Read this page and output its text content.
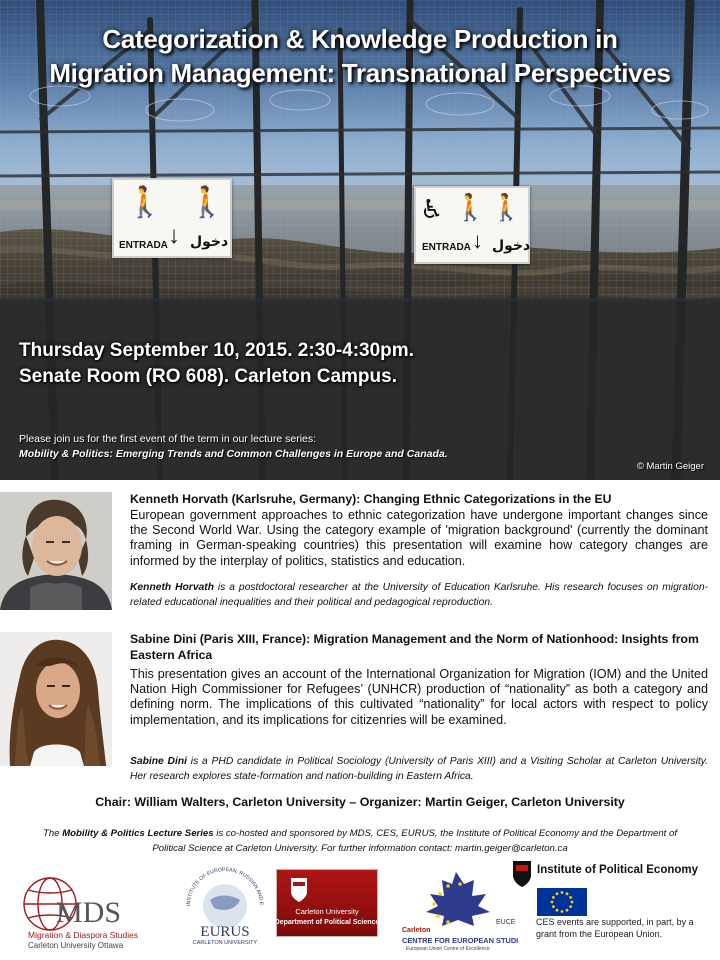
Categorization & Knowledge Production in
Migration Management: Transnational Perspectives
🚶 🚶
ENTRADA ↓ دخول
♿ 🚶 🚶
ENTRADA ↓ دخول
Thursday September 10, 2015. 2:30-4:30pm.
Senate Room (RO 608). Carleton Campus.
Please join us for the first event of the term in our lecture series:
Mobility & Politics: Emerging Trends and Common Challenges in Europe and Canada.
© Martin Geiger
Kenneth Horvath (Karlsruhe, Germany): Changing Ethnic Categorizations in the EU
European government approaches to ethnic categorization have undergone important changes since the Second World War. Using the category example of 'migration background' (currently the dominant framing in German-speaking countries) this presentation will examine how category changes are informed by the interplay of politics, statistics and education.
Kenneth Horvath is a postdoctoral researcher at the University of Education Karlsruhe. His research focuses on migration-related educational inequalities and their political and pedagogical reproduction.
Sabine Dini (Paris XIII, France): Migration Management and the Norm of Nationhood: Insights from Eastern Africa
This presentation gives an account of the International Organization for Migration (IOM) and the United Nation High Commissioner for Refugees’ (UNHCR) production of “nationality” as both a category and defining norm. The implications of this cultivated “nationality” for local actors with respect to policy implementation, and its implications for citizenries will be examined.
Sabine Dini is a PHD candidate in Political Sociology (University of Paris XIII) and a Visiting Scholar at Carleton University. Her research explores state-formation and nation-building in Eastern Africa.
Chair: William Walters, Carleton University – Organizer: Martin Geiger, Carleton University
The Mobility & Politics Lecture Series is co-hosted and sponsored by MDS, CES, EURUS, the Institute of Political Economy and the Department of Political Science at Carleton University. For further information contact: martin.geiger@carleton.ca
MDS
Migration & Diaspora Studies
Carleton University Ottawa
INSTITUTE OF EUROPEAN, RUSSIAN AND E
EURUS
CARLETON UNIVERSITY
Carleton University
Department of Political Science	EUCE
Carleton
CENTRE FOR EUROPEAN STUDIES
European Union Centre of Excellence
Institute of Political Economy
CES events are supported, in part, by a grant from the European Union.
